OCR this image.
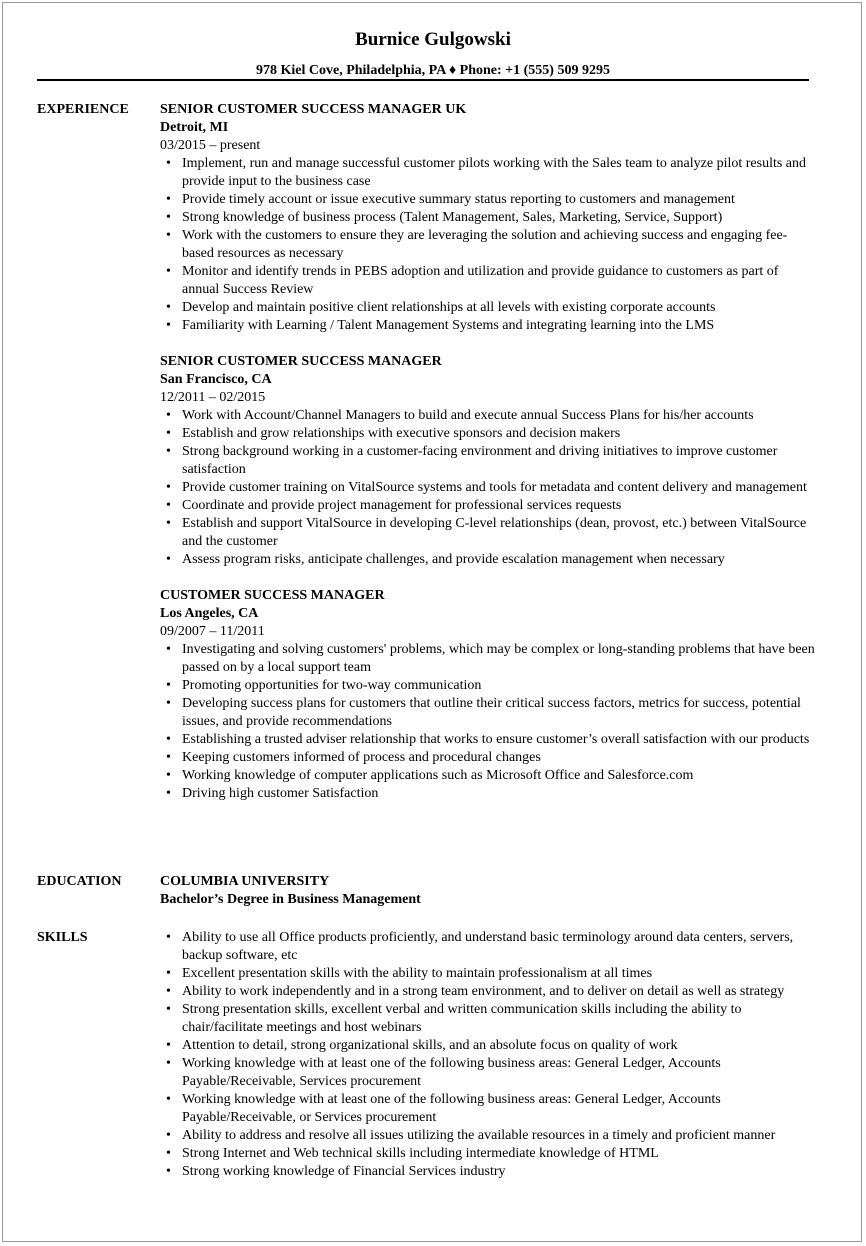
Burnice Gulgowski
978 Kiel Cove, Philadelphia, PA ♦ Phone: +1 (555) 509 9295
EXPERIENCE SENIOR CUSTOMER SUCCESS MANAGER UK
Detroit, MI
03/2015 – present
• Implement, run and manage successful customer pilots working with the Sales team to analyze pilot results and provide input to the business case
• Provide timely account or issue executive summary status reporting to customers and management
• Strong knowledge of business process (Talent Management, Sales, Marketing, Service, Support)
• Work with the customers to ensure they are leveraging the solution and achieving success and engaging fee-based resources as necessary
• Monitor and identify trends in PEBS adoption and utilization and provide guidance to customers as part of annual Success Review
• Develop and maintain positive client relationships at all levels with existing corporate accounts
• Familiarity with Learning / Talent Management Systems and integrating learning into the LMS
SENIOR CUSTOMER SUCCESS MANAGER
San Francisco, CA
12/2011 – 02/2015
• Work with Account/Channel Managers to build and execute annual Success Plans for his/her accounts
• Establish and grow relationships with executive sponsors and decision makers
• Strong background working in a customer-facing environment and driving initiatives to improve customer satisfaction
• Provide customer training on VitalSource systems and tools for metadata and content delivery and management
• Coordinate and provide project management for professional services requests
• Establish and support VitalSource in developing C-level relationships (dean, provost, etc.) between VitalSource and the customer
• Assess program risks, anticipate challenges, and provide escalation management when necessary
CUSTOMER SUCCESS MANAGER
Los Angeles, CA
09/2007 – 11/2011
• Investigating and solving customers' problems, which may be complex or long-standing problems that have been passed on by a local support team
• Promoting opportunities for two-way communication
• Developing success plans for customers that outline their critical success factors, metrics for success, potential issues, and provide recommendations
• Establishing a trusted adviser relationship that works to ensure customer’s overall satisfaction with our products
• Keeping customers informed of process and procedural changes
• Working knowledge of computer applications such as Microsoft Office and Salesforce.com
• Driving high customer Satisfaction
EDUCATION	COLUMBIA UNIVERSITY
Bachelor’s Degree in Business Management
SKILLS
•	Ability to use all Office products proficiently, and understand basic terminology around data centers, servers, backup software, etc
• Excellent presentation skills with the ability to maintain professionalism at all times
• Ability to work independently and in a strong team environment, and to deliver on detail as well as strategy
• Strong presentation skills, excellent verbal and written communication skills including the ability to chair/facilitate meetings and host webinars
• Attention to detail, strong organizational skills, and an absolute focus on quality of work
• Working knowledge with at least one of the following business areas: General Ledger, Accounts Payable/Receivable, Services procurement
• Working knowledge with at least one of the following business areas: General Ledger, Accounts Payable/Receivable, or Services procurement
• Ability to address and resolve all issues utilizing the available resources in a timely and proficient manner
• Strong Internet and Web technical skills including intermediate knowledge of HTML
• Strong working knowledge of Financial Services industry
